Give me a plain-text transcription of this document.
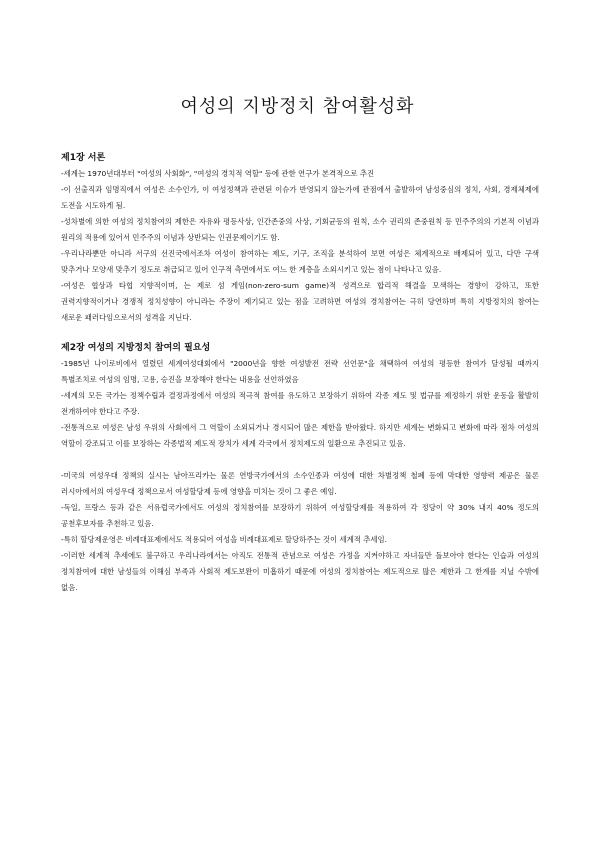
여성의 지방정치 참여활성화

제1장 서론

-세계는 1970년대부터 "여성의 사회화", "여성의 경치적 역할" 등에 관한 연구가 본격적으로 추진

-이 선출직과 임명직에서 여성은 소수인가, 이 여성정책과 관련된 이슈가 반영되지 않는가에 관점에서 출발하여 남성중심의 정치, 사회, 경제체제에 도전을 시도하게 됨.

-성차별에 의한 여성의 정치참여의 제한은 자유와 평등사상, 인간존중의 사상, 기회균등의 원칙, 소수 권리의 존중원칙 등 민주주의의 기본적 이념과 원리의 적용에 있어서 민주주의 이념과 상반되는 인권문제이기도 함.

-우리나라뿐만 아니라 서구의 선진국에서조차 여성이 참여하는 제도, 기구, 조직을 분석하여 보면 여성은 체계적으로 배제되어 있고, 다만 구색 맞추거나 모양새 맞추기 정도로 취급되고 있어 인구적 측면에서도 여느 한 계층을 소외시키고 있는 점이 나타나고 있음.

-여성은 협상과 타협 지향적이며, 는 제로 섬 게임(non-zero-sum game)적 성격으로 합리적 해결을 모색하는 경향이 강하고, 또한 권력지향적이거나 경쟁적 정치성향이 아니라는 주장이 제기되고 있는 점을 고려하면 여성의 경치참여는 극히 당연하며 특히 지방정치의 참여는 새로운 패러다임으로서의 성격을 지닌다.

제2장 여성의 지방정치 참여의 필요성

-1985년 나이로비에서 열렸던 세계여성대회에서 "2000년을 향한 여성발전 전략 선언문"을 채택하여 여성의 평등한 참여가 달성될 때까지 특별조치로 여성의 임명, 고용, 승진을 보장해야 한다는 내용을 선언하였음

-세계의 모든 국가는 정책수립과 결정과정에서 여성의 적극적 참여를 유도하고 보장하기 위하여 각종 제도 및 법규를 제정하기 위한 운동을 활발히 전개하여야 한다고 주장.

-전통적으로 여성은 남성 우위의 사회에서 그 역할이 소외되거나 경시되어 많은 제한을 받아왔다. 하지만 세계는 변화되고 변화에 따라 점차 여성의 역할이 강조되고 이를 보장하는 각종법적 제도적 장치가 세계 각국에서 정치제도의 일환으로 추진되고 있음.

-미국의 여성우대 정책의 실시는 남아프리카는 물론 연방국가에서의 소수인종과 여성에 대한 차별정책 철폐 등에 막대한 영향력 제공은 물론 러시아에서의 여성우대 정책으로서 여성할당제 등에 영향을 미치는 것이 그 좋은 예임.

-독일, 프랑스 등과 같은 서유럽국가에서도 여성의 정치참여를 보장하기 위하여 여성할당제를 적용하여 각 정당이 약 30% 내지 40% 정도의 공천후보자를 추천하고 있음.

-특히 할당제운영은 비례대표제에서도 적용되어 여성을 비례대표제로 할당하주는 것이 세계적 추세임.

-이러한 세계적 추세에도 불구하고 우리나라에서는 아직도 전통적 관념으로 여성은 가정을 지켜야하고 자녀들만 돌보아야 한다는 인습과 여성의 정치참여에 대한 남성들의 이해심 부족과 사회적 제도보완이 미흡하기 때문에 여성의 정치참여는 제도적으로 많은 제한과 그 한계를 지닐 수밖에 없음.
